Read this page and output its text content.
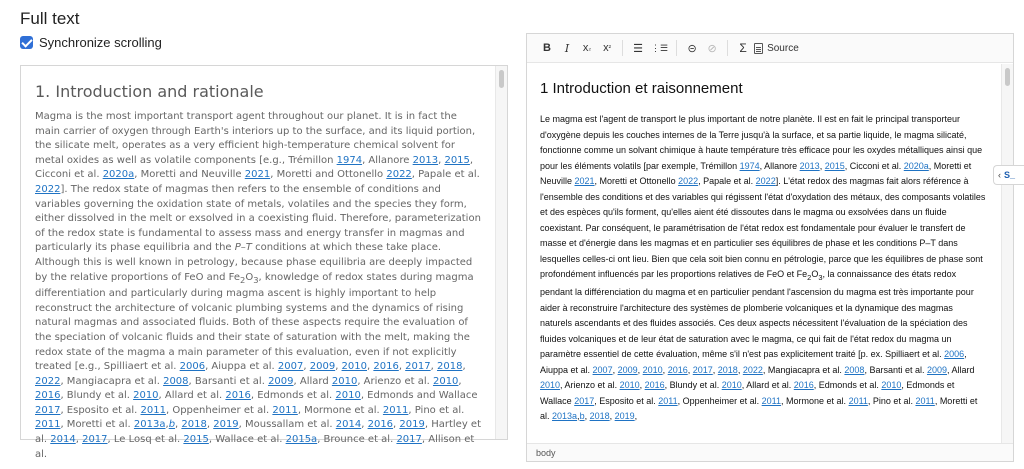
Full text
Synchronize scrolling
1. Introduction and rationale

Magma is the most important transport agent throughout our planet. It is in fact the main carrier of oxygen through Earth's interiors up to the surface, and its liquid portion, the silicate melt, operates as a very efficient high-temperature chemical solvent for metal oxides as well as volatile components [e.g., Trémillon 1974, Allanore 2013, 2015, Cicconi et al. 2020a, Moretti and Neuville 2021, Moretti and Ottonello 2022, Papale et al. 2022]. The redox state of magmas then refers to the ensemble of conditions and variables governing the oxidation state of metals, volatiles and the species they form, either dissolved in the melt or exsolved in a coexisting fluid. Therefore, parameterization of the redox state is fundamental to assess mass and energy transfer in magmas and particularly its phase equilibria and the P–T conditions at which these take place. Although this is well known in petrology, because phase equilibria are deeply impacted by the relative proportions of FeO and $Fe_2O_3$, knowledge of redox states during magma differentiation and particularly during magma ascent is highly important to help reconstruct the architecture of volcanic plumbing systems and the dynamics of rising natural magmas and associated fluids. Both of these aspects require the evaluation of the speciation of volcanic fluids and their state of saturation with the melt, making the redox state of the magma a main parameter of this evaluation, even if not explicitly treated [e.g., Spilliaert et al. 2006, Aiuppa et al. 2007, 2009, 2010, 2016, 2017, 2018, 2022, Mangiacapra et al. 2008, Barsanti et al. 2009, Allard 2010, Arienzo et al. 2010, 2016, Blundy et al. 2010, Allard et al. 2016, Edmonds et al. 2010, Edmonds and Wallace 2017, Esposito et al. 2011, Oppenheimer et al. 2011, Mormone et al. 2011, Pino et al. 2011, Moretti et al. 2013a,b, 2018, 2019, Moussallam et al. 2014, 2016, 2019, Hartley et al. 2014, 2017, Le Losq et al. 2015, Wallace et al. 2015a, Brounce et al. 2017, Allison et al.

B	I	x ₂ x ² ☰ ⋮☰ ⊝ ⊘ Σ Source
1 Introduction et raisonnement

Le magma est l'agent de transport le plus important de notre planète. Il est en fait le principal transporteur d'oxygène depuis les couches internes de la Terre jusqu'à la surface, et sa partie liquide, le magma silicaté, fonctionne comme un solvant chimique à haute température très efficace pour les oxydes métalliques ainsi que pour les éléments volatils [par exemple, Trémillon 1974, Allanore 2013, 2015, Cicconi et al. 2020a, Moretti et Neuville 2021, Moretti et Ottonello 2022, Papale et al. 2022]. L'état redox des magmas fait alors référence à l'ensemble des conditions et des variables qui régissent l'état d'oxydation des métaux, des composants volatiles et des espèces qu'ils forment, qu'elles aient été dissoutes dans le magma ou exsolvées dans un fluide coexistant. Par conséquent, le paramétrisation de l'état redox est fondamentale pour évaluer le transfert de masse et d'énergie dans les magmas et en particulier ses équilibres de phase et les conditions P–T dans lesquelles celles-ci ont lieu. Bien que cela soit bien connu en pétrologie, parce que les équilibres de phase sont profondément influencés par les proportions relatives de FeO et $Fe_2O_3$, la connaissance des états redox pendant la différenciation du magma et en particulier pendant l'ascension du magma est très importante pour aider à reconstruire l'architecture des systèmes de plomberie volcaniques et la dynamique des magmas naturels ascendants et des fluides associés. Ces deux aspects nécessitent l'évaluation de la spéciation des fluides volcaniques et de leur état de saturation avec le magma, ce qui fait de l'état redox du magma un paramètre essentiel de cette évaluation, même s'il n'est pas explicitement traité [p. ex. Spilliaert et al. 2006, Aiuppa et al. 2007, 2009, 2010, 2016, 2017, 2018, 2022, Mangiacapra et al. 2008, Barsanti et al. 2009, Allard 2010, Arienzo et al. 2010, 2016, Blundy et al. 2010, Allard et al. 2016, Edmonds et al. 2010, Edmonds et Wallace 2017, Esposito et al. 2011, Oppenheimer et al. 2011, Mormone et al. 2011, Pino et al. 2011, Moretti et al. 2013a,b, 2018, 2019,

body
‹ S_
